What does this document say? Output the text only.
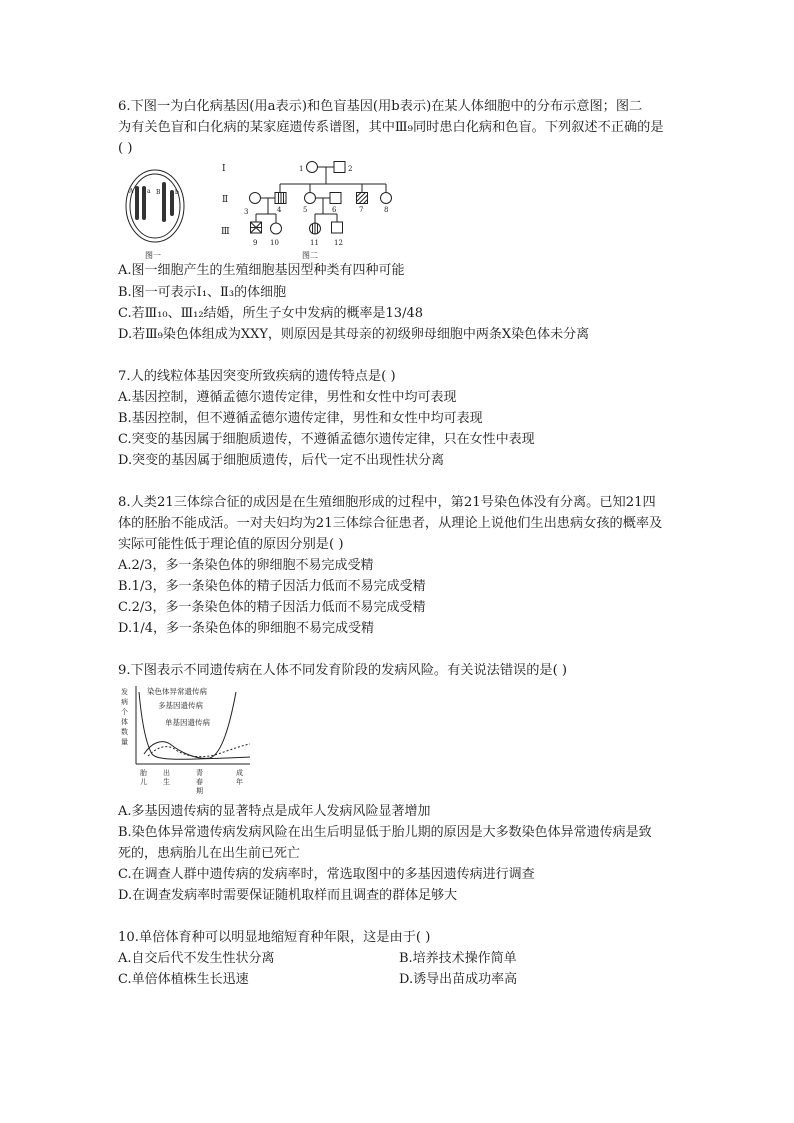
6.下图一为白化病基因(用a表示)和色盲基因(用b表示)在某人体细胞中的分布示意图；图二
为有关色盲和白化病的某家庭遗传系谱图，其中Ⅲ₉同时患白化病和色盲。下列叙述不正确的是
( )
A a B b
图一
Ⅰ
Ⅱ
Ⅲ
1	2
3	4	5	6	7	8
9 10	11 12
图二
A.图一细胞产生的生殖细胞基因型种类有四种可能
B.图一可表示Ⅰ₁、Ⅱ₃的体细胞
C.若Ⅲ₁₀、Ⅲ₁₂结婚，所生子女中发病的概率是13/48
D.若Ⅲ₉染色体组成为XXY，则原因是其母亲的初级卵母细胞中两条X染色体未分离
7.人的线粒体基因突变所致疾病的遗传特点是( )
A.基因控制，遵循孟德尔遗传定律，男性和女性中均可表现
B.基因控制，但不遵循孟德尔遗传定律，男性和女性中均可表现
C.突变的基因属于细胞质遗传，不遵循孟德尔遗传定律，只在女性中表现
D.突变的基因属于细胞质遗传，后代一定不出现性状分离
8.人类21三体综合征的成因是在生殖细胞形成的过程中，第21号染色体没有分离。已知21四
体的胚胎不能成活。一对夫妇均为21三体综合征患者，从理论上说他们生出患病女孩的概率及
实际可能性低于理论值的原因分别是( )
A.2/3，多一条染色体的卵细胞不易完成受精
B.1/3，多一条染色体的精子因活力低而不易完成受精
C.2/3，多一条染色体的精子因活力低而不易完成受精
D.1/4，多一条染色体的卵细胞不易完成受精
9.下图表示不同遗传病在人体不同发育阶段的发病风险。有关说法错误的是( )
发
病
个
体
数
量
染色体异常遗传病
多基因遗传病
单基因遗传病
胎
儿
出
生
青
春
期
成
年
A.多基因遗传病的显著特点是成年人发病风险显著增加
B.染色体异常遗传病发病风险在出生后明显低于胎儿期的原因是大多数染色体异常遗传病是致
死的，患病胎儿在出生前已死亡
C.在调查人群中遗传病的发病率时，常选取图中的多基因遗传病进行调查
D.在调查发病率时需要保证随机取样而且调查的群体足够大
10.单倍体育种可以明显地缩短育种年限，这是由于( )
A.自交后代不发生性状分离	B.培养技术操作简单
C.单倍体植株生长迅速	D.诱导出苗成功率高
